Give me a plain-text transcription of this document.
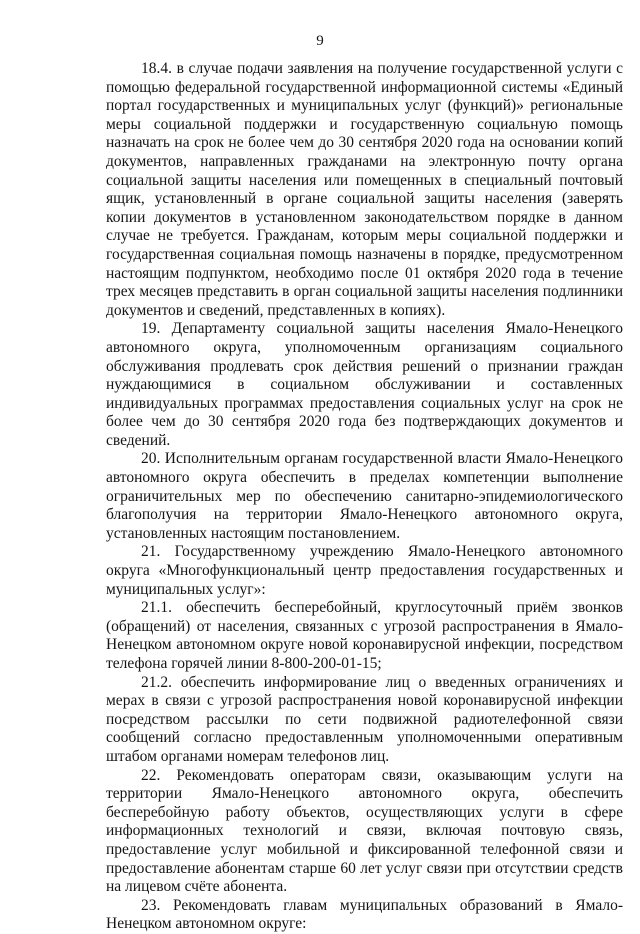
9

18.4. в случае подачи заявления на получение государственной услуги с помощью федеральной государственной информационной системы «Единый портал государственных и муниципальных услуг (функций)» региональные меры социальной поддержки и государственную социальную помощь назначать на срок не более чем до 30 сентября 2020 года на основании копий документов, направленных гражданами на электронную почту органа социальной защиты населения или помещенных в специальный почтовый ящик, установленный в органе социальной защиты населения (заверять копии документов в установленном законодательством порядке в данном случае не требуется. Гражданам, которым меры социальной поддержки и государственная социальная помощь назначены в порядке, предусмотренном настоящим подпунктом, необходимо после 01 октября 2020 года в течение трех месяцев представить в орган социальной защиты населения подлинники документов и сведений, представленных в копиях).

19. Департаменту социальной защиты населения Ямало-Ненецкого автономного округа, уполномоченным организациям социального обслуживания продлевать срок действия решений о признании граждан нуждающимися в социальном обслуживании и составленных индивидуальных программах предоставления социальных услуг на срок не более чем до 30 сентября 2020 года без подтверждающих документов и сведений.

20. Исполнительным органам государственной власти Ямало-Ненецкого автономного округа обеспечить в пределах компетенции выполнение ограничительных мер по обеспечению санитарно-эпидемиологического благополучия на территории Ямало-Ненецкого автономного округа, установленных настоящим постановлением.

21. Государственному учреждению Ямало-Ненецкого автономного округа «Многофункциональный центр предоставления государственных и муниципальных услуг»:

21.1. обеспечить бесперебойный, круглосуточный приём звонков (обращений) от населения, связанных с угрозой распространения в Ямало-Ненецком автономном округе новой коронавирусной инфекции, посредством телефона горячей линии 8-800-200-01-15;

21.2. обеспечить информирование лиц о введенных ограничениях и мерах в связи с угрозой распространения новой коронавирусной инфекции посредством рассылки по сети подвижной радиотелефонной связи сообщений согласно предоставленным уполномоченными оперативным штабом органами номерам телефонов лиц.

22. Рекомендовать операторам связи, оказывающим услуги на территории Ямало-Ненецкого автономного округа, обеспечить бесперебойную работу объектов, осуществляющих услуги в сфере информационных технологий и связи, включая почтовую связь, предоставление услуг мобильной и фиксированной телефонной связи и предоставление абонентам старше 60 лет услуг связи при отсутствии средств на лицевом счёте абонента.

23. Рекомендовать главам муниципальных образований в Ямало-Ненецком автономном округе:
